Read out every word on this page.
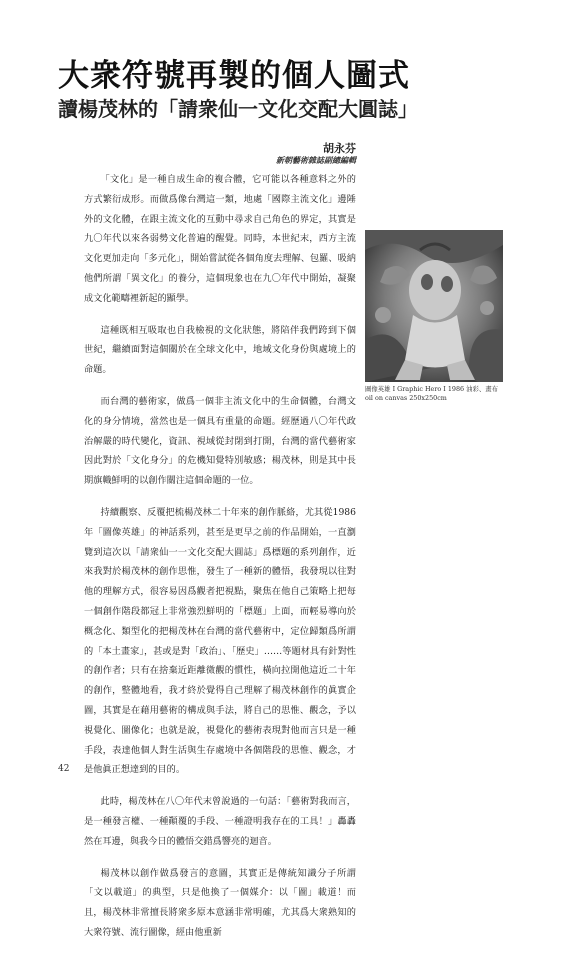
大衆符號再製的個人圖式
讀楊茂林的「請衆仙一文化交配大圓誌」
胡永芬
新朝藝術雜誌副總編輯

「文化」是一種自成生命的複合體，它可能以各種意料之外的方式繁衍成形。而做爲像台灣這一類，地處「國際主流文化」邊陲外的文化體，在跟主流文化的互動中尋求自己角色的界定，其實是九〇年代以來各弱勢文化普遍的醒覺。同時，本世紀末，西方主流文化更加走向「多元化」，開始嘗試從各個角度去理解、包羅、吸納他們所謂「異文化」的養分，這個現象也在九〇年代中開始，凝聚成文化範疇裡新起的顯學。

這種既相互吸取也自我檢視的文化狀態，將陪伴我們跨到下個世紀，繼續面對這個關於在全球文化中，地域文化身份與處境上的命題。

而台灣的藝術家，做爲一個非主流文化中的生命個體，台灣文化的身分情境，當然也是一個具有重量的命題。經歷過八〇年代政治解嚴的時代變化，資訊、視域從封閉到打開，台灣的當代藝術家因此對於「文化身分」的危機知覺特別敏感；楊茂林，則是其中長期旗幟鮮明的以創作關注這個命題的一位。

持續觀察、反覆把梳楊茂林二十年來的創作脈絡，尤其從1986年「圖像英雄」的神話系列，甚至是更早之前的作品開始，一直瀏覽到這次以「請衆仙一一文化交配大圓誌」爲標題的系列創作，近來我對於楊茂林的創作思惟，發生了一種新的體悟，我發現以往對他的理解方式，很容易因爲觀者把視點，聚焦在他自己策略上把每一個創作階段都冠上非常強烈鮮明的「標題」上面，而輕易導向於概念化、類型化的把楊茂林在台灣的當代藝術中，定位歸類爲所謂的「本土畫家」，甚或是對「政治」、「歷史」……等題材具有針對性的創作者；只有在捨棄近距離微觀的慣性，橫向拉開他這近二十年的創作，整體地看，我才終於覺得自己理解了楊茂林創作的眞實企圖，其實是在藉用藝術的構成與手法，將自己的思惟、觀念，予以視覺化、圖像化；也就是說，視覺化的藝術表現對他而言只是一種手段，表達他個人對生活與生存處境中各個階段的思惟、觀念，才是他眞正想達到的目的。

此時，楊茂林在八〇年代末曾說過的一句話：「藝術對我而言，是一種發言權、一種顚覆的手段、一種證明我存在的工具！」轟轟然在耳邊，與我今日的體悟交錯爲響亮的迴音。

楊茂林以創作做爲發言的意圖，其實正是傳統知識分子所謂「文以載道」的典型，只是他換了一個媒介：以「圖」載道！而且，楊茂林非常擅長將衆多原本意涵非常明確，尤其爲大衆熟知的大衆符號、流行圖像，經由他重新

圖像英雄 I Graphic Hero I 1986 油彩、畫布 oil on canvas 250x250cm
42
